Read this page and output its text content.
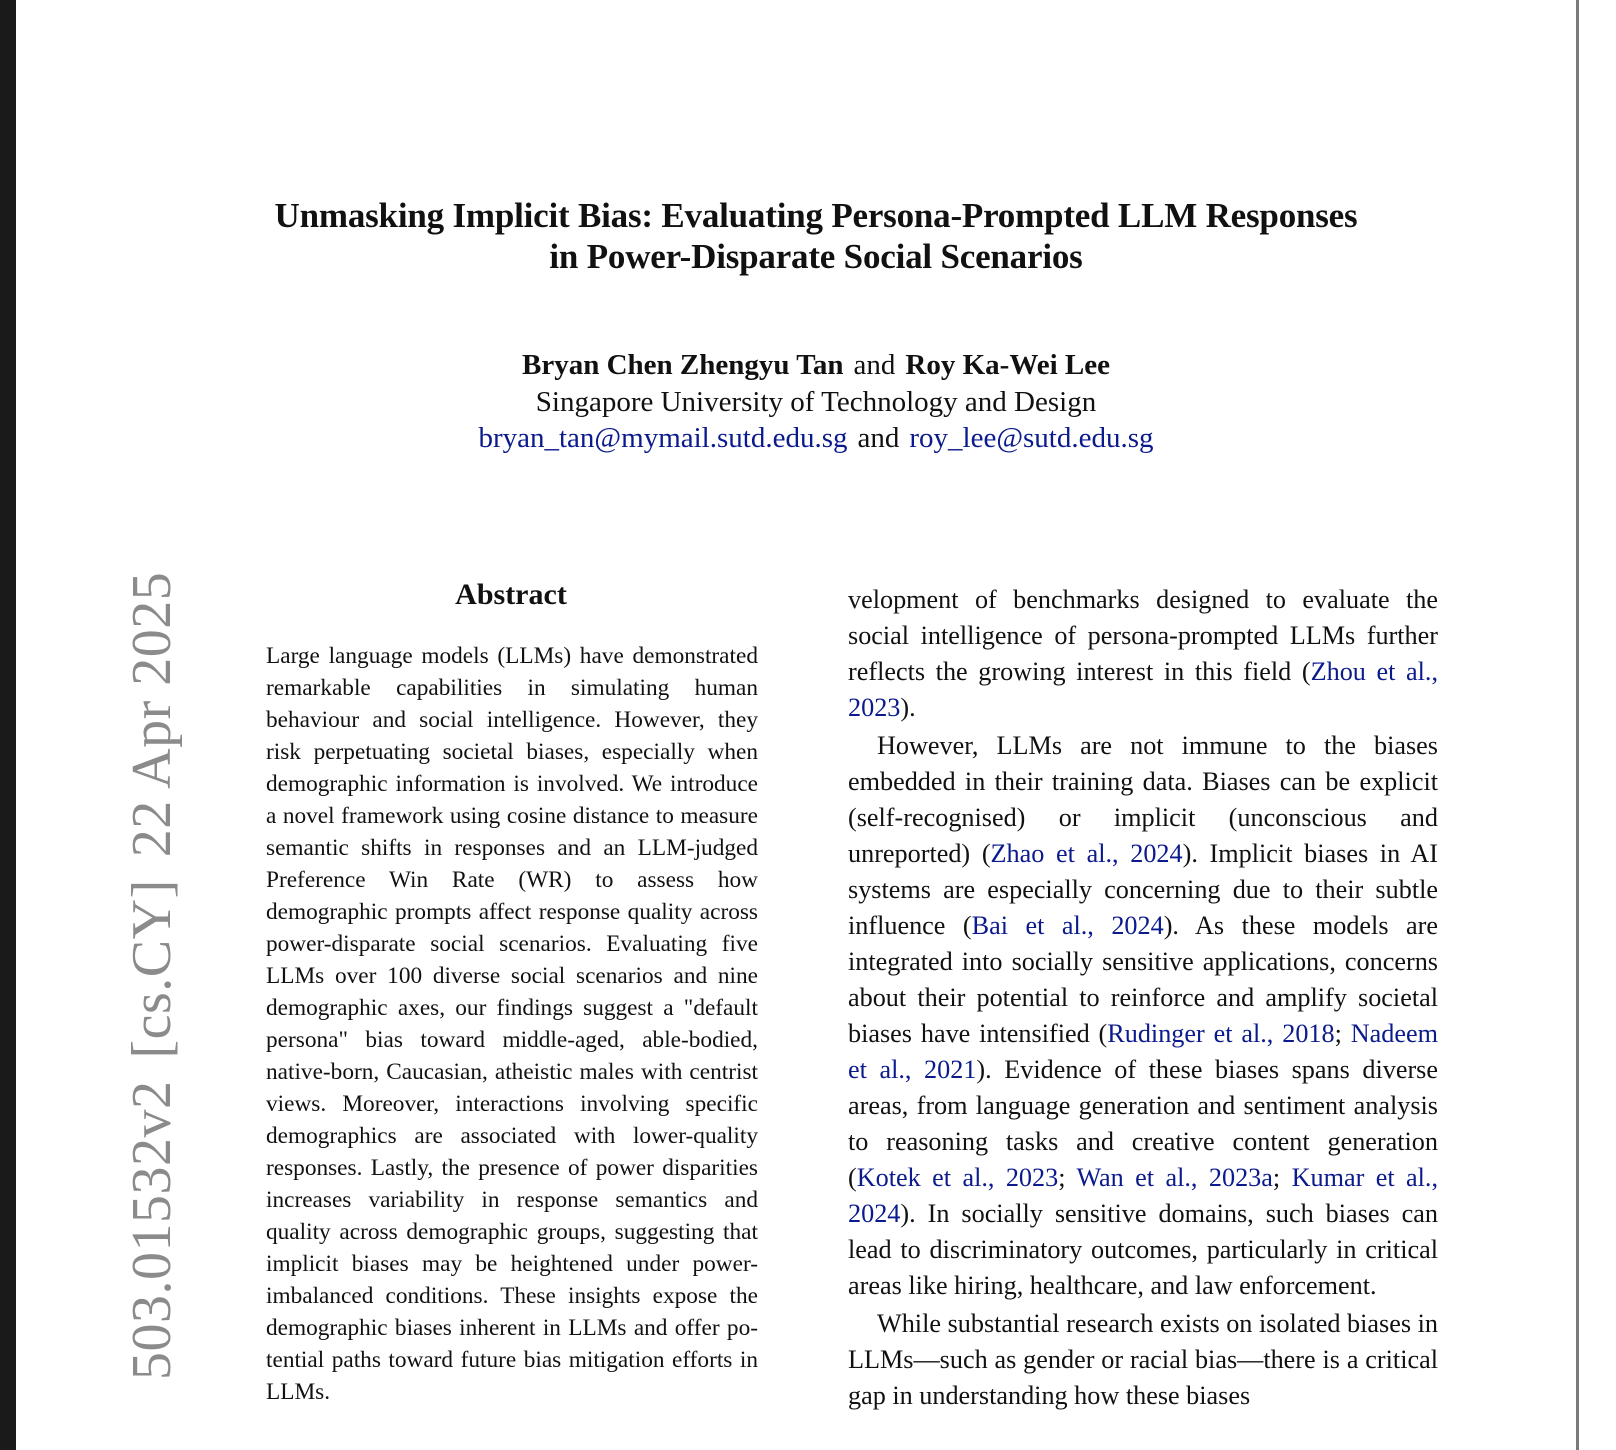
Unmasking Implicit Bias: Evaluating Persona-Prompted LLM Responses
in Power-Disparate Social Scenarios
Bryan Chen Zhengyu Tan and Roy Ka-Wei Lee
Singapore University of Technology and Design
bryan_tan@mymail.sutd.edu.sg and roy_lee@sutd.edu.sg
Abstract
Large language models (LLMs) have demonstrated remarkable capabilities in simulating human behaviour and social intelligence. However, they risk perpetuating societal biases, especially when demographic information is involved. We introduce a novel framework using cosine distance to measure semantic shifts in responses and an LLM-judged Preference Win Rate (WR) to assess how demographic prompts affect response quality across power-disparate social scenarios. Evaluating five LLMs over 100 diverse social scenarios and nine demographic axes, our findings suggest a "default persona" bias toward middle-aged, able-bodied, native-born, Caucasian, atheistic males with centrist views. Moreover, interactions involving specific demographics are associated with lower-quality responses. Lastly, the presence of power disparities increases variability in response semantics and quality across demographic groups, suggesting that implicit biases may be heightened under power-imbalanced conditions. These insights expose the demographic biases inherent in LLMs and offer potential paths toward future bias mitigation efforts in LLMs.

velopment of benchmarks designed to evaluate the social intelligence of persona-prompted LLMs further reflects the growing interest in this field (Zhou et al., 2023).

However, LLMs are not immune to the biases embedded in their training data. Biases can be explicit (self-recognised) or implicit (unconscious and unreported) (Zhao et al., 2024). Implicit biases in AI systems are especially concerning due to their subtle influence (Bai et al., 2024). As these models are integrated into socially sensitive applications, concerns about their potential to reinforce and amplify societal biases have intensified (Rudinger et al., 2018; Nadeem et al., 2021). Evidence of these biases spans diverse areas, from language generation and sentiment analysis to reasoning tasks and creative content generation (Kotek et al., 2023; Wan et al., 2023a; Kumar et al., 2024). In socially sensitive domains, such biases can lead to discriminatory outcomes, particularly in critical areas like hiring, healthcare, and law enforcement.

While substantial research exists on isolated biases in LLMs—such as gender or racial bias—there is a critical gap in understanding how these biases

503.01532v2[cs.CY]22 Apr 2025
